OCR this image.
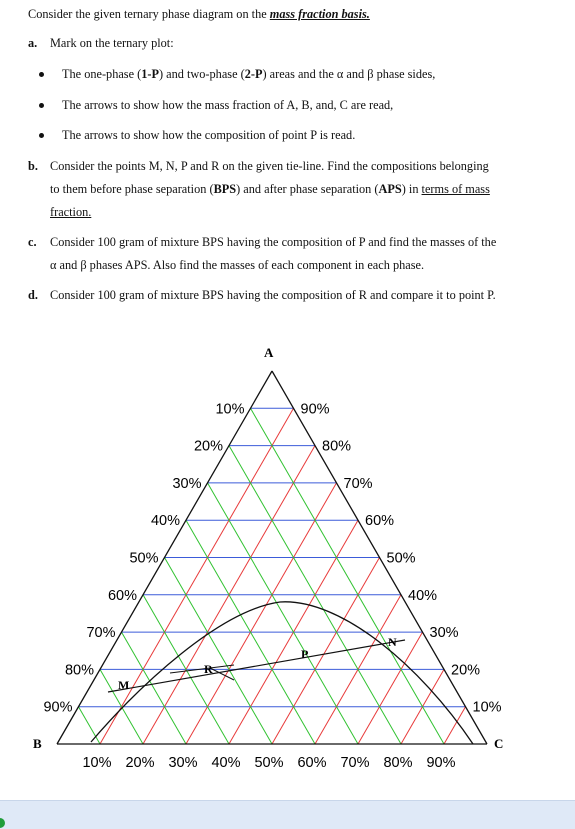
Consider the given ternary phase diagram on the mass fraction basis.
a. Mark on the ternary plot:
The one-phase (1-P) and two-phase (2-P) areas and the α and β phase sides,
The arrows to show how the mass fraction of A, B, and, C are read,
The arrows to show how the composition of point P is read.
b. Consider the points M, N, P and R on the given tie-line. Find the compositions belonging
to them before phase separation (BPS) and after phase separation (APS) in terms of mass
fraction.
c. Consider 100 gram of mixture BPS having the composition of P and find the masses of the
α and β phases APS. Also find the masses of each component in each phase.
d. Consider 100 gram of mixture BPS having the composition of R and compare it to point P.
10%	90%
10%
20%	80%
20%
30%	70%
30%
40%	60%
40%
50%	50%
50%
60%	40%
60%
70%	30%
70%
80%	20%
80%
90%	10%
90%
A
B	C
M
R
P
N
